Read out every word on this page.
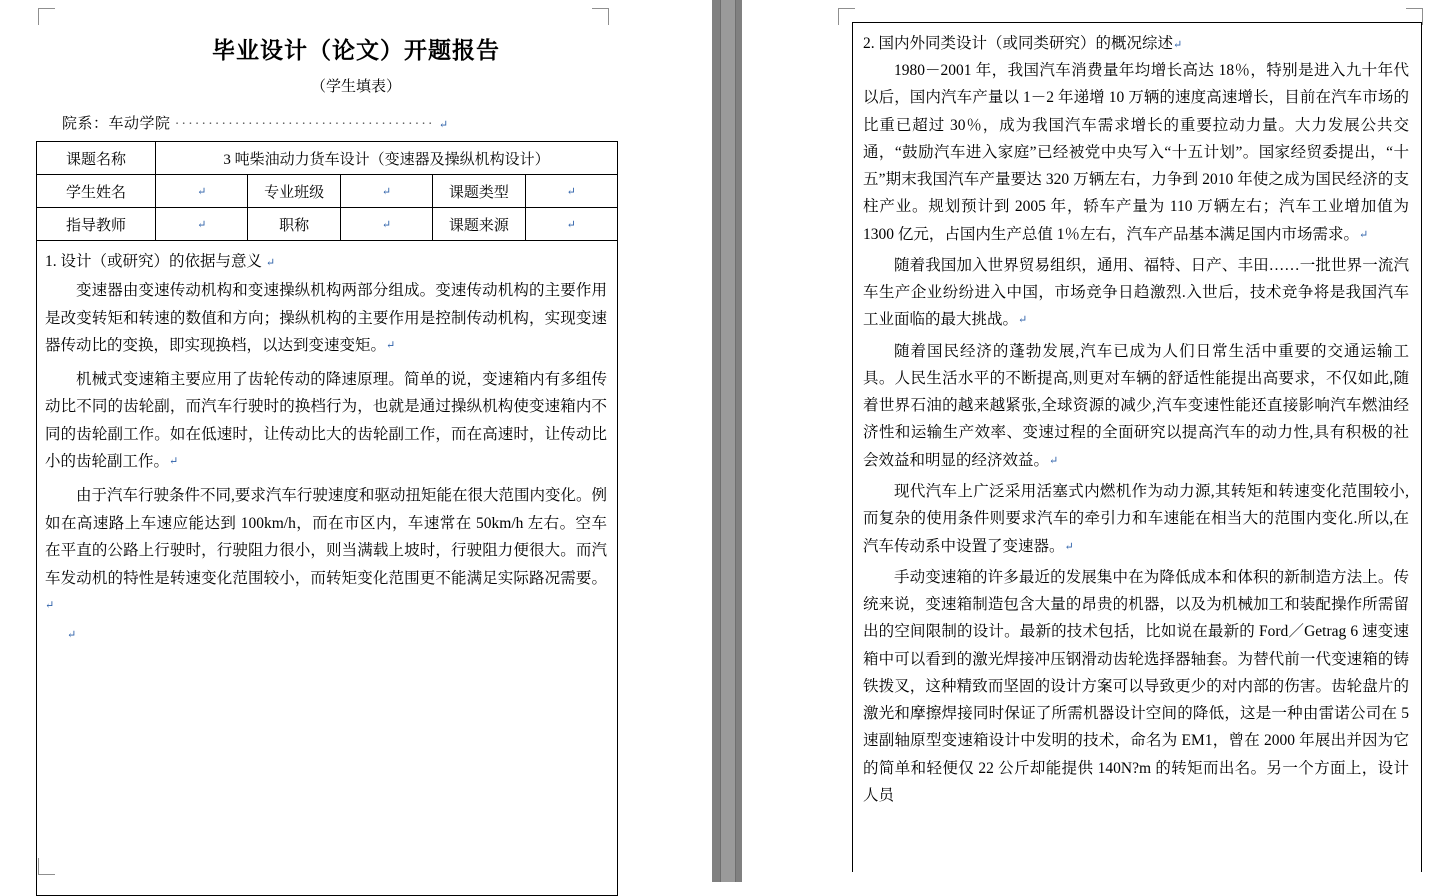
毕业设计（论文）开题报告
（学生填表）
院系：车动学院 ······································· ↵
课题名称	3 吨柴油动力货车设计（变速器及操纵机构设计）				
学生姓名	↵	专业班级	↵	课题类型	↵
指导教师	↵	职称	↵	课题来源	↵
1. 设计（或研究）的依据与意义 ↵
变速器由变速传动机构和变速操纵机构两部分组成。变速传动机构的主要作用是改变转矩和转速的数值和方向；操纵机构的主要作用是控制传动机构，实现变速器传动比的变换，即实现换档，以达到变速变矩。↵
机械式变速箱主要应用了齿轮传动的降速原理。简单的说，变速箱内有多组传动比不同的齿轮副，而汽车行驶时的换档行为，也就是通过操纵机构使变速箱内不同的齿轮副工作。如在低速时，让传动比大的齿轮副工作，而在高速时，让传动比小的齿轮副工作。↵
由于汽车行驶条件不同,要求汽车行驶速度和驱动扭矩能在很大范围内变化。例如在高速路上车速应能达到 100km/h，而在市区内，车速常在 50km/h 左右。空车在平直的公路上行驶时，行驶阻力很小，则当满载上坡时，行驶阻力便很大。而汽车发动机的特性是转速变化范围较小，而转矩变化范围更不能满足实际路况需要。↵
↵
2. 国内外同类设计（或同类研究）的概况综述↵
1980－2001 年，我国汽车消费量年均增长高达 18％，特别是进入九十年代以后，国内汽车产量以 1－2 年递增 10 万辆的速度高速增长，目前在汽车市场的比重已超过 30％，成为我国汽车需求增长的重要拉动力量。大力发展公共交通，“鼓励汽车进入家庭”已经被党中央写入“十五计划”。国家经贸委提出，“十五”期末我国汽车产量要达 320 万辆左右，力争到 2010 年使之成为国民经济的支柱产业。规划预计到 2005 年，轿车产量为 110 万辆左右；汽车工业增加值为 1300 亿元，占国内生产总值 1％左右，汽车产品基本满足国内市场需求。↵
随着我国加入世界贸易组织，通用、福特、日产、丰田……一批世界一流汽车生产企业纷纷进入中国，市场竞争日趋激烈.入世后，技术竞争将是我国汽车工业面临的最大挑战。↵
随着国民经济的蓬勃发展,汽车已成为人们日常生活中重要的交通运输工具。人民生活水平的不断提高,则更对车辆的舒适性能提出高要求，不仅如此,随着世界石油的越来越紧张,全球资源的减少,汽车变速性能还直接影响汽车燃油经济性和运输生产效率、变速过程的全面研究以提高汽车的动力性,具有积极的社会效益和明显的经济效益。↵
现代汽车上广泛采用活塞式内燃机作为动力源,其转矩和转速变化范围较小,而复杂的使用条件则要求汽车的牵引力和车速能在相当大的范围内变化.所以,在汽车传动系中设置了变速器。↵
手动变速箱的许多最近的发展集中在为降低成本和体积的新制造方法上。传统来说，变速箱制造包含大量的昂贵的机器，以及为机械加工和装配操作所需留出的空间限制的设计。最新的技术包括，比如说在最新的 Ford／Getrag 6 速变速箱中可以看到的激光焊接冲压钢滑动齿轮选择器轴套。为替代前一代变速箱的铸铁拨叉，这种精致而坚固的设计方案可以导致更少的对内部的伤害。齿轮盘片的激光和摩擦焊接同时保证了所需机器设计空间的降低，这是一种由雷诺公司在 5 速副轴原型变速箱设计中发明的技术，命名为 EM1，曾在 2000 年展出并因为它的简单和轻便仅 22 公斤却能提供 140N?m 的转矩而出名。另一个方面上，设计人员
